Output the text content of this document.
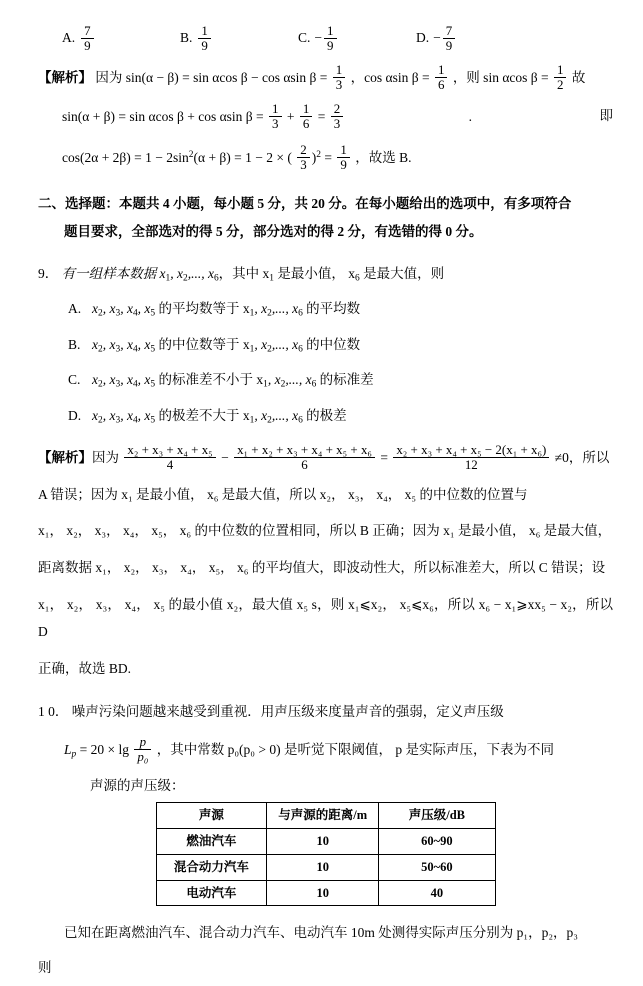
A. $\frac{7}{9}$	B. $\frac{1}{9}$	C. − $\frac{1}{9}$	D. − $\frac{7}{9}$
【解析】 因为 sin(α − β) = sin αcos β − cos αsin $\beta = \frac{1}{3}$ ，cos αsin $\beta = \frac{1}{6}$ ，则 sin αcos $\beta = \frac{1}{2}$ 故
sin(α + β) = sin αcos β + cos αsin $\beta = \frac{1}{3} + \frac{1}{6} = \frac{2}{3}$	.	即
$\cos(2\alpha + 2\beta) = 1 - 2\sin^2(\alpha + \beta) = 1 - 2$ × ( $\frac{2}{3} )^2 = \frac{1}{9}$ ，故选 B.
二、选择题：本题共 4 小题，每小题 5 分，共 20 分。在每小题给出的选项中，有多项符合
题目要求，全部选对的得 5 分，部分选对的得 2 分，有选错的得 0 分。
9． 有一组样本数据 $x_1$, $x_2$,..., $x_6$，其中 $x_1$ 是最小值， $x_6$ 是最大值，则
A. $x_2$, $x_3$, $x_4$, $x_5$ 的平均数等于 $x_1$, $x_2$,..., $x_6$ 的平均数
B. $x_2$, $x_3$, $x_4$, $x_5$ 的中位数等于 $x_1$, $x_2$,..., $x_6$ 的中位数
C. $x_2$, $x_3$, $x_4$, $x_5$ 的标准差不小于 $x_1$, $x_2$,..., $x_6$ 的标准差
D. $x_2$, $x_3$, $x_4$, $x_5$ 的极差不大于 $x_1$, $x_2$,..., $x_6$ 的极差

【解析】因为 $\frac{\text{x₂ + x₃ + x₄ + x₅}}{4} - \frac{\text{x₁ + x₂ + x₃ + x₄ + x₅ + x₆}}{6} = \frac{\text{x₂ + x₃ + x₄ + x₅ − 2(x₁ + x₆)}}{12} \ne 0$，所以

A 错误；因为 x₁ 是最小值， x₆ 是最大值，所以 x₂， x₃， x₄， x₅ 的中位数的位置与

x₁， x₂， x₃， x₄， x₅， x₆ 的中位数的位置相同，所以 B 正确；因为 x₁ 是最小值， x₆ 是最大值，

距离数据 x₁， x₂， x₃， x₄， x₅， x₆ 的平均值大，即波动性大，所以标准差大，所以 C 错误；设

x₁， x₂， x₃， x₄， x₅ 的最小值 x₂，最大值 x₅ s，则 x₁⩽x₂， x₅⩽x₆，所以 x₆ − x₁⩾xx₅ − x₂，所以 D

正确，故选 BD.

1 0． 噪声污染问题越来越受到重视．用声压级来度量声音的强弱，定义声压级
$L_p = 20 \times \lg \frac{p}{\text{p₀}}$ ，其中常数 p₀(p₀ > 0) 是听觉下限阈值， p 是实际声压，下表为不同
声源的声压级：
声源	与声源的距离/m	声压级/dB
燃油汽车	10	60~90
混合动力汽车	10	50~60
电动汽车	10	40
已知在距离燃油汽车、混合动力汽车、电动汽车 10m 处测得实际声压分别为 p₁，p₂，p₃
则
